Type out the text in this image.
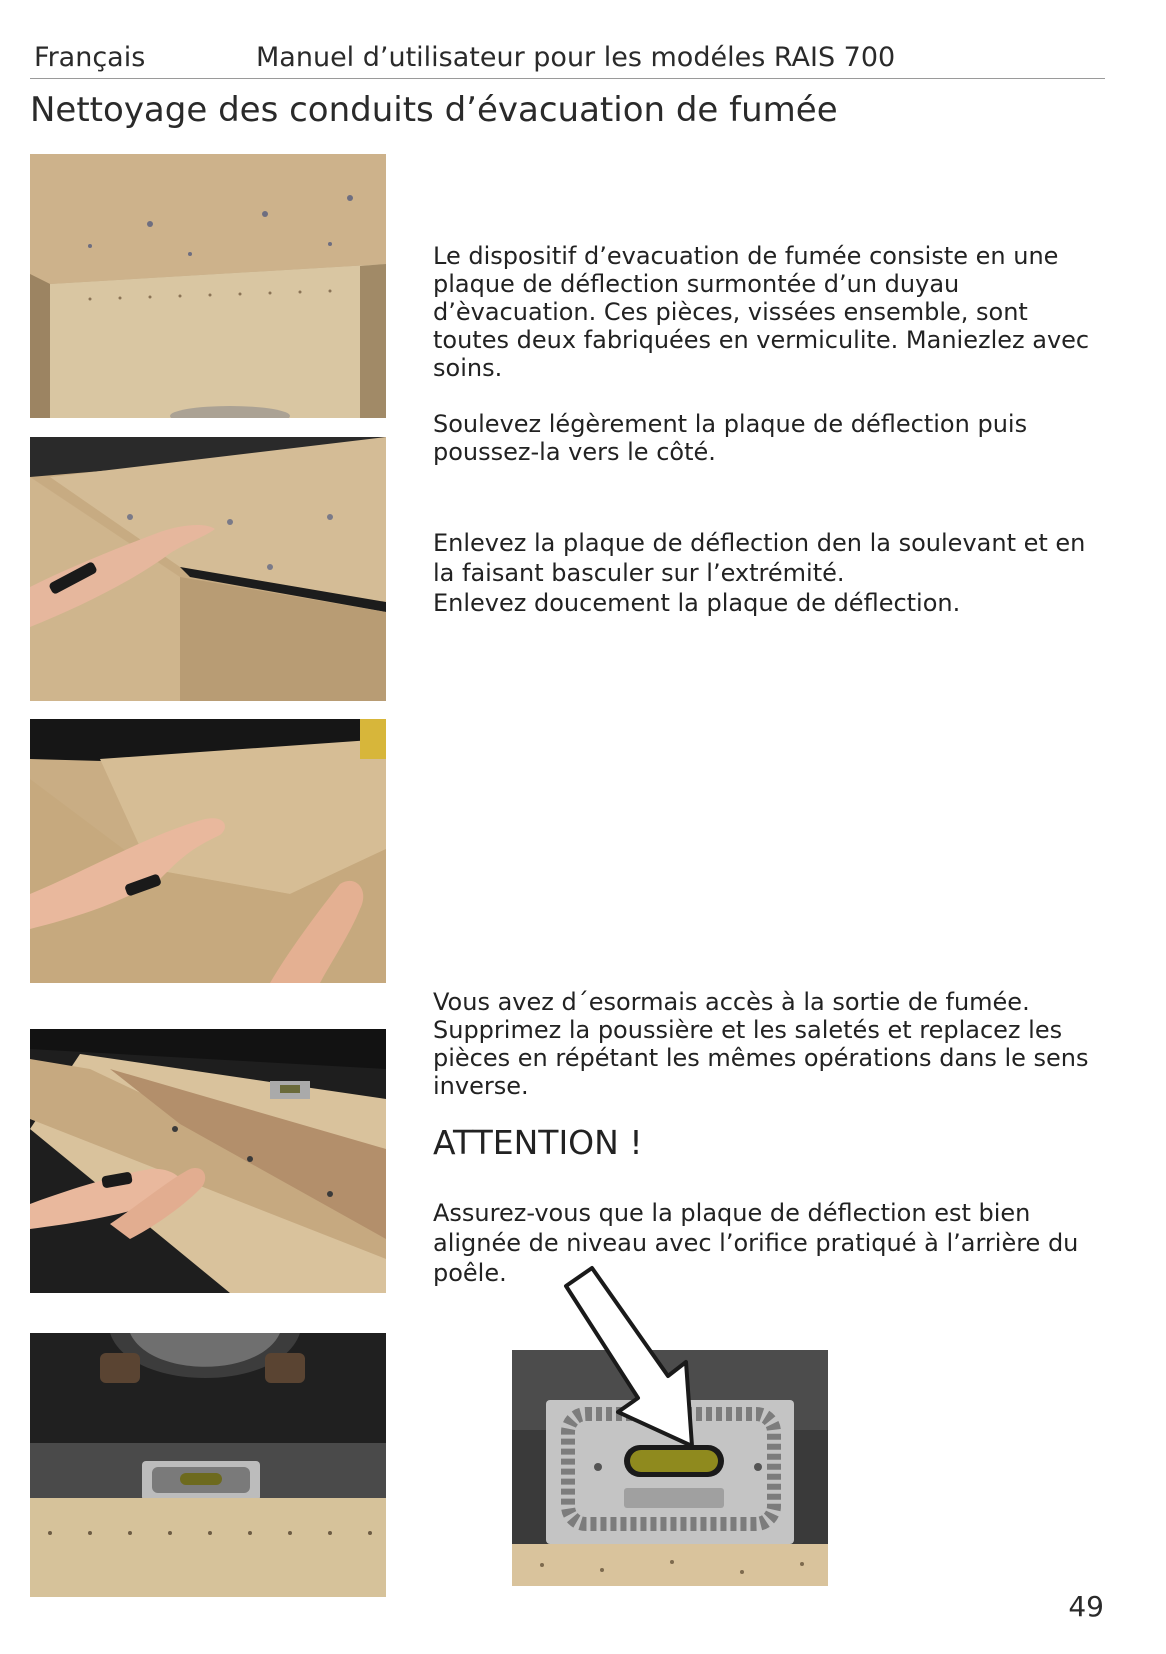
Français	Manuel d’utilisateur pour les modéles RAIS 700
Nettoyage des conduits d’évacuation de fumée

Le dispositif d’evacuation de fumée consiste en une plaque de déflection surmontée d’un duyau d’èvacuation. Ces pièces, vissées ensemble, sont toutes deux fabriquées en vermiculite. Maniezlez avec soins.

Soulevez légèrement la plaque de déflection puis poussez-la vers le côté.

Enlevez la plaque de déflection den la soulevant et en la faisant basculer sur l’extrémité.

Enlevez doucement la plaque de déflection.

Vous avez d´esormais accès à la sortie de fumée. Supprimez la poussière et les saletés et replacez les pièces en répétant les mêmes opérations dans le sens inverse.

ATTENTION !

Assurez-vous que la plaque de déflection est bien alignée de niveau avec l’orifice pratiqué à l’arrière du poêle.

49
